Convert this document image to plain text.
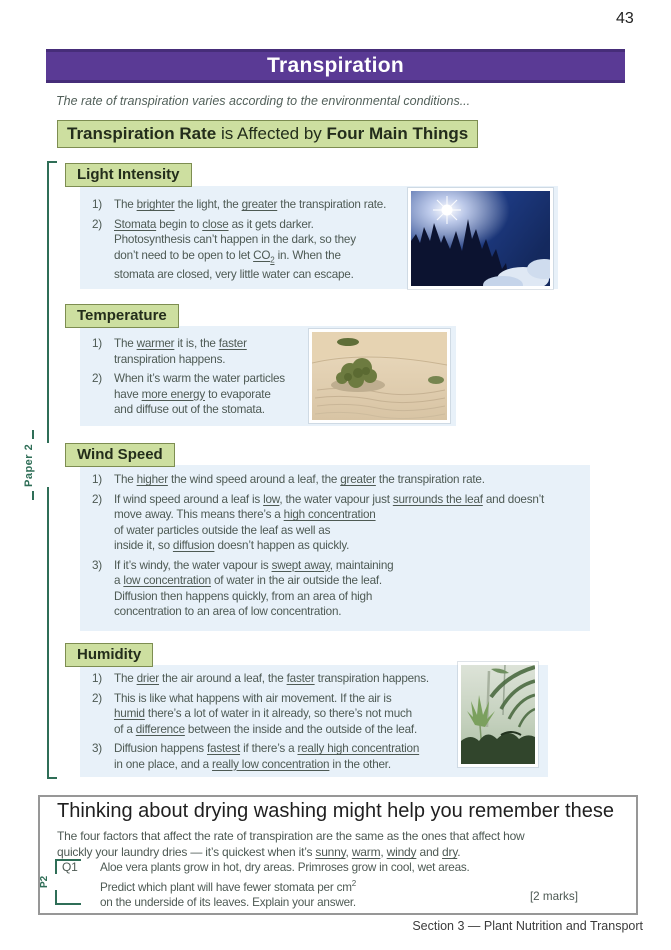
43
Transpiration
The rate of transpiration varies according to the environmental conditions...
Transpiration Rate is Affected by Four Main Things
Paper 2
Light Intensity
1)	The brighter the light, the greater the transpiration rate.
2)	Stomata begin to close as it gets darker.
Photosynthesis can’t happen in the dark, so they
don’t need to be open to let $CO_2$ in. When the
stomata are closed, very little water can escape.
Temperature
1)	The warmer it is, the faster
transpiration happens.
2)	When it’s warm the water particles
have more energy to evaporate
and diffuse out of the stomata.
Wind Speed
1)	The higher the wind speed around a leaf, the greater the transpiration rate.
2)	If wind speed around a leaf is low, the water vapour just surrounds the leaf and doesn’t
move away. This means there’s a high concentration
of water particles outside the leaf as well as
inside it, so diffusion doesn’t happen as quickly.
3)	If it’s windy, the water vapour is swept away, maintaining
a low concentration of water in the air outside the leaf.
Diffusion then happens quickly, from an area of high
concentration to an area of low concentration.
Humidity
1)	The drier the air around a leaf, the faster transpiration happens.
2)	This is like what happens with air movement. If the air is
humid there’s a lot of water in it already, so there’s not much
of a difference between the inside and the outside of the leaf.
3)	Diffusion happens fastest if there’s a really high concentration
in one place, and a really low concentration in the other.
Thinking about drying washing might help you remember these
The four factors that affect the rate of transpiration are the same as the ones that affect how
quickly your laundry dries — it’s quickest when it’s sunny, warm, windy and dry.
P2
Q1 Aloe vera plants grow in hot, dry areas. Primroses grow in cool, wet areas.
Predict which plant will have fewer stomata per $cm^2$
on the underside of its leaves. Explain your answer.	[2 marks]
Section 3 — Plant Nutrition and Transport
